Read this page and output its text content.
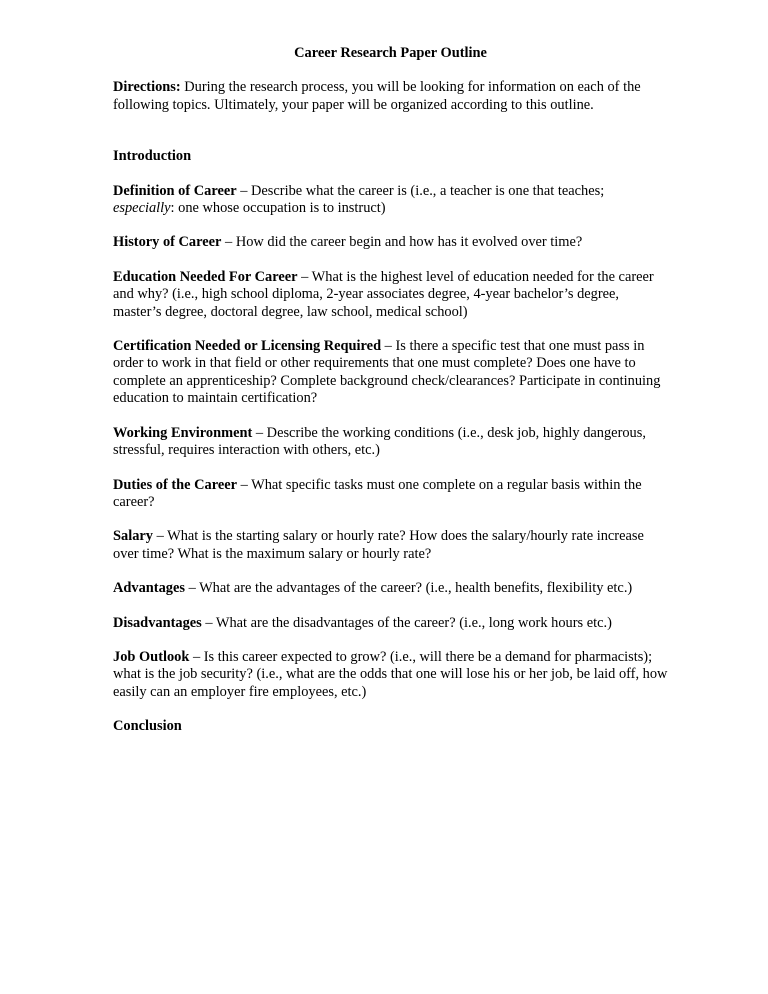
Career Research Paper Outline

Directions: During the research process, you will be looking for information on each of the following topics. Ultimately, your paper will be organized according to this outline.

Introduction

Definition of Career – Describe what the career is (i.e., a teacher is one that teaches; especially: one whose occupation is to instruct)

History of Career – How did the career begin and how has it evolved over time?

Education Needed For Career – What is the highest level of education needed for the career and why? (i.e., high school diploma, 2-year associates degree, 4-year bachelor’s degree, master’s degree, doctoral degree, law school, medical school)

Certification Needed or Licensing Required – Is there a specific test that one must pass in order to work in that field or other requirements that one must complete? Does one have to complete an apprenticeship? Complete background check/clearances? Participate in continuing education to maintain certification?

Working Environment – Describe the working conditions (i.e., desk job, highly dangerous, stressful, requires interaction with others, etc.)

Duties of the Career – What specific tasks must one complete on a regular basis within the career?

Salary – What is the starting salary or hourly rate? How does the salary/hourly rate increase over time? What is the maximum salary or hourly rate?

Advantages – What are the advantages of the career? (i.e., health benefits, flexibility etc.)

Disadvantages – What are the disadvantages of the career? (i.e., long work hours etc.)

Job Outlook – Is this career expected to grow? (i.e., will there be a demand for pharmacists); what is the job security? (i.e., what are the odds that one will lose his or her job, be laid off, how easily can an employer fire employees, etc.)

Conclusion
